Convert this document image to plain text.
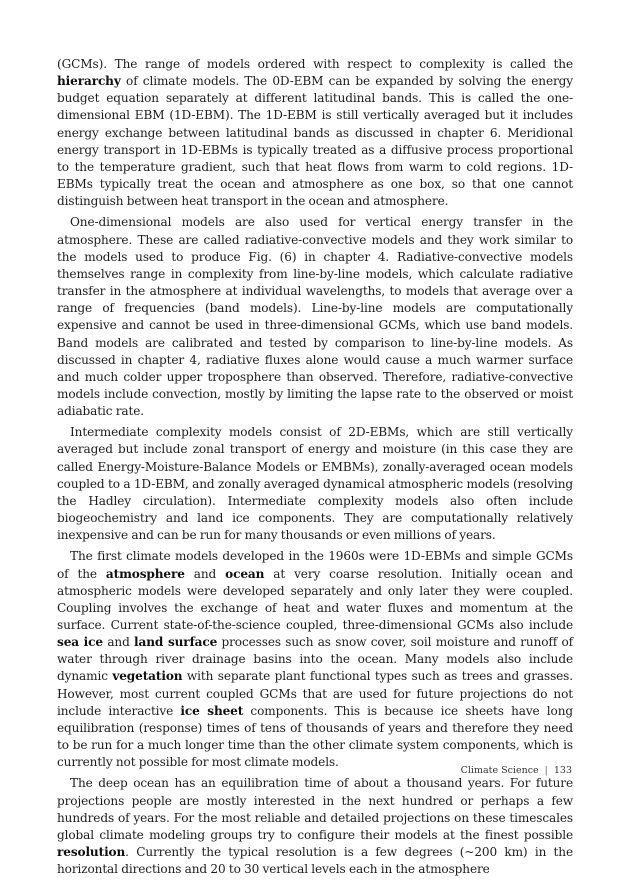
(GCMs). The range of models ordered with respect to complexity is called the hierarchy of climate models. The 0D-EBM can be expanded by solving the energy budget equation separately at different latitudinal bands. This is called the one-dimensional EBM (1D-EBM). The 1D-EBM is still vertically averaged but it includes energy exchange between latitudinal bands as discussed in chapter 6. Meridional energy transport in 1D-EBMs is typically treated as a diffusive process proportional to the temperature gradient, such that heat flows from warm to cold regions. 1D-EBMs typically treat the ocean and atmosphere as one box, so that one cannot distinguish between heat transport in the ocean and atmosphere.

One-dimensional models are also used for vertical energy transfer in the atmosphere. These are called radiative-convective models and they work similar to the models used to produce Fig. (6) in chapter 4. Radiative-convective models themselves range in complexity from line-by-line models, which calculate radiative transfer in the atmosphere at individual wavelengths, to models that average over a range of frequencies (band models). Line-by-line models are computationally expensive and cannot be used in three-dimensional GCMs, which use band models. Band models are calibrated and tested by comparison to line-by-line models. As discussed in chapter 4, radiative fluxes alone would cause a much warmer surface and much colder upper troposphere than observed. Therefore, radiative-convective models include convection, mostly by limiting the lapse rate to the observed or moist adiabatic rate.

Intermediate complexity models consist of 2D-EBMs, which are still vertically averaged but include zonal transport of energy and moisture (in this case they are called Energy-Moisture-Balance Models or EMBMs), zonally-averaged ocean models coupled to a 1D-EBM, and zonally averaged dynamical atmospheric models (resolving the Hadley circulation). Intermediate complexity models also often include biogeochemistry and land ice components. They are computationally relatively inexpensive and can be run for many thousands or even millions of years.

The first climate models developed in the 1960s were 1D-EBMs and simple GCMs of the atmosphere and ocean at very coarse resolution. Initially ocean and atmospheric models were developed separately and only later they were coupled. Coupling involves the exchange of heat and water fluxes and momentum at the surface. Current state-of-the-science coupled, three-dimensional GCMs also include sea ice and land surface processes such as snow cover, soil moisture and runoff of water through river drainage basins into the ocean. Many models also include dynamic vegetation with separate plant functional types such as trees and grasses. However, most current coupled GCMs that are used for future projections do not include interactive ice sheet components. This is because ice sheets have long equilibration (response) times of tens of thousands of years and therefore they need to be run for a much longer time than the other climate system components, which is currently not possible for most climate models.

The deep ocean has an equilibration time of about a thousand years. For future projections people are mostly interested in the next hundred or perhaps a few hundreds of years. For the most reliable and detailed projections on these timescales global climate modeling groups try to configure their models at the finest possible resolution. Currently the typical resolution is a few degrees (~200 km) in the horizontal directions and 20 to 30 vertical levels each in the atmosphere

Climate Science | 133
